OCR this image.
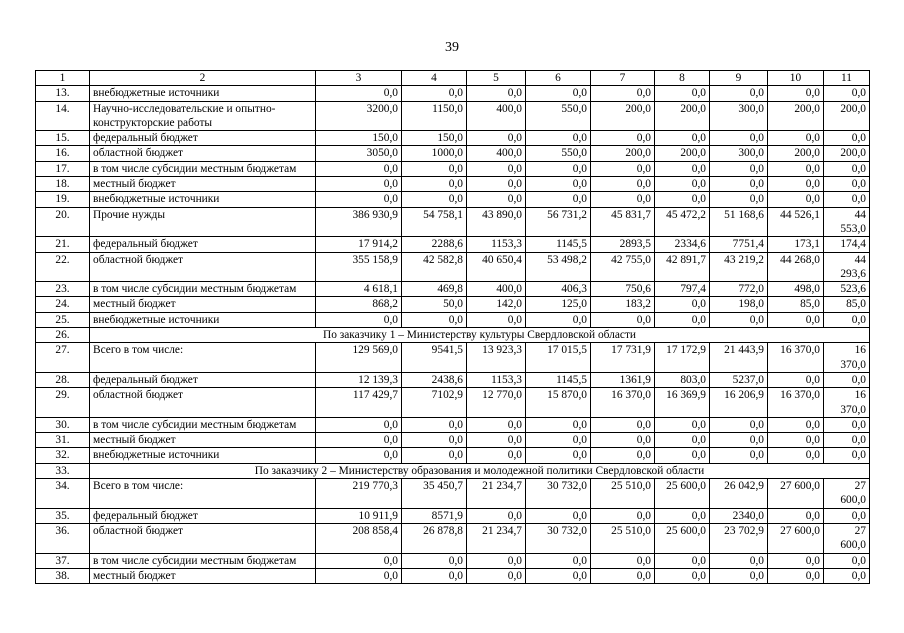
39
1	2	3	4	5	6	7	8	9	10	11
13.	внебюджетные источники	0,0	0,0	0,0	0,0	0,0	0,0	0,0	0,0	0,0
14.	Научно-исследовательские и опытно-конструкторские работы	3200,0	1150,0	400,0	550,0	200,0	200,0	300,0	200,0	200,0
15.	федеральный бюджет	150,0	150,0	0,0	0,0	0,0	0,0	0,0	0,0	0,0
16.	областной бюджет	3050,0	1000,0	400,0	550,0	200,0	200,0	300,0	200,0	200,0
17.	в том числе субсидии местным бюджетам	0,0	0,0	0,0	0,0	0,0	0,0	0,0	0,0	0,0
18.	местный бюджет	0,0	0,0	0,0	0,0	0,0	0,0	0,0	0,0	0,0
19.	внебюджетные источники	0,0	0,0	0,0	0,0	0,0	0,0	0,0	0,0	0,0
20.	Прочие нужды	386 930,9	54 758,1	43 890,0	56 731,2	45 831,7	45 472,2	51 168,6	44 526,1	44 553,0
21.	федеральный бюджет	17 914,2	2288,6	1153,3	1145,5	2893,5	2334,6	7751,4	173,1	174,4
22.	областной бюджет	355 158,9	42 582,8	40 650,4	53 498,2	42 755,0	42 891,7	43 219,2	44 268,0	44 293,6
23.	в том числе субсидии местным бюджетам	4 618,1	469,8	400,0	406,3	750,6	797,4	772,0	498,0	523,6
24.	местный бюджет	868,2	50,0	142,0	125,0	183,2	0,0	198,0	85,0	85,0
25.	внебюджетные источники	0,0	0,0	0,0	0,0	0,0	0,0	0,0	0,0	0,0
26.	По заказчику 1 – Министерству культуры Свердловской области									
27.	Всего в том числе:	129 569,0	9541,5	13 923,3	17 015,5	17 731,9	17 172,9	21 443,9	16 370,0	16 370,0
28.	федеральный бюджет	12 139,3	2438,6	1153,3	1145,5	1361,9	803,0	5237,0	0,0	0,0
29.	областной бюджет	117 429,7	7102,9	12 770,0	15 870,0	16 370,0	16 369,9	16 206,9	16 370,0	16 370,0
30.	в том числе субсидии местным бюджетам	0,0	0,0	0,0	0,0	0,0	0,0	0,0	0,0	0,0
31.	местный бюджет	0,0	0,0	0,0	0,0	0,0	0,0	0,0	0,0	0,0
32.	внебюджетные источники	0,0	0,0	0,0	0,0	0,0	0,0	0,0	0,0	0,0
33.	По заказчику 2 – Министерству образования и молодежной политики Свердловской области									
34.	Всего в том числе:	219 770,3	35 450,7	21 234,7	30 732,0	25 510,0	25 600,0	26 042,9	27 600,0	27 600,0
35.	федеральный бюджет	10 911,9	8571,9	0,0	0,0	0,0	0,0	2340,0	0,0	0,0
36.	областной бюджет	208 858,4	26 878,8	21 234,7	30 732,0	25 510,0	25 600,0	23 702,9	27 600,0	27 600,0
37.	в том числе субсидии местным бюджетам	0,0	0,0	0,0	0,0	0,0	0,0	0,0	0,0	0,0
38.	местный бюджет	0,0	0,0	0,0	0,0	0,0	0,0	0,0	0,0	0,0
